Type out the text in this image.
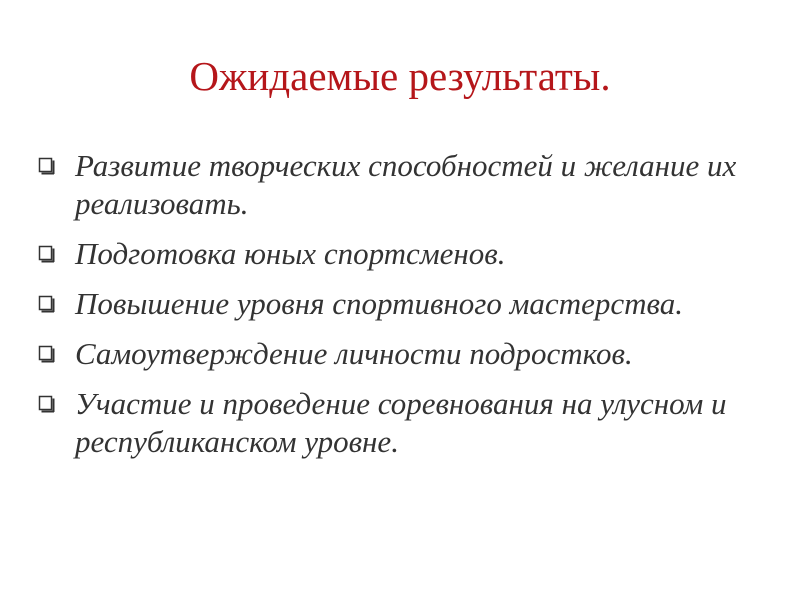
Ожидаемые результаты.
Развитие творческих способностей и желание их реализовать.
Подготовка юных спортсменов.
Повышение уровня спортивного мастерства.
Самоутверждение личности подростков.
Участие и проведение соревнования на улусном и республиканском уровне.
